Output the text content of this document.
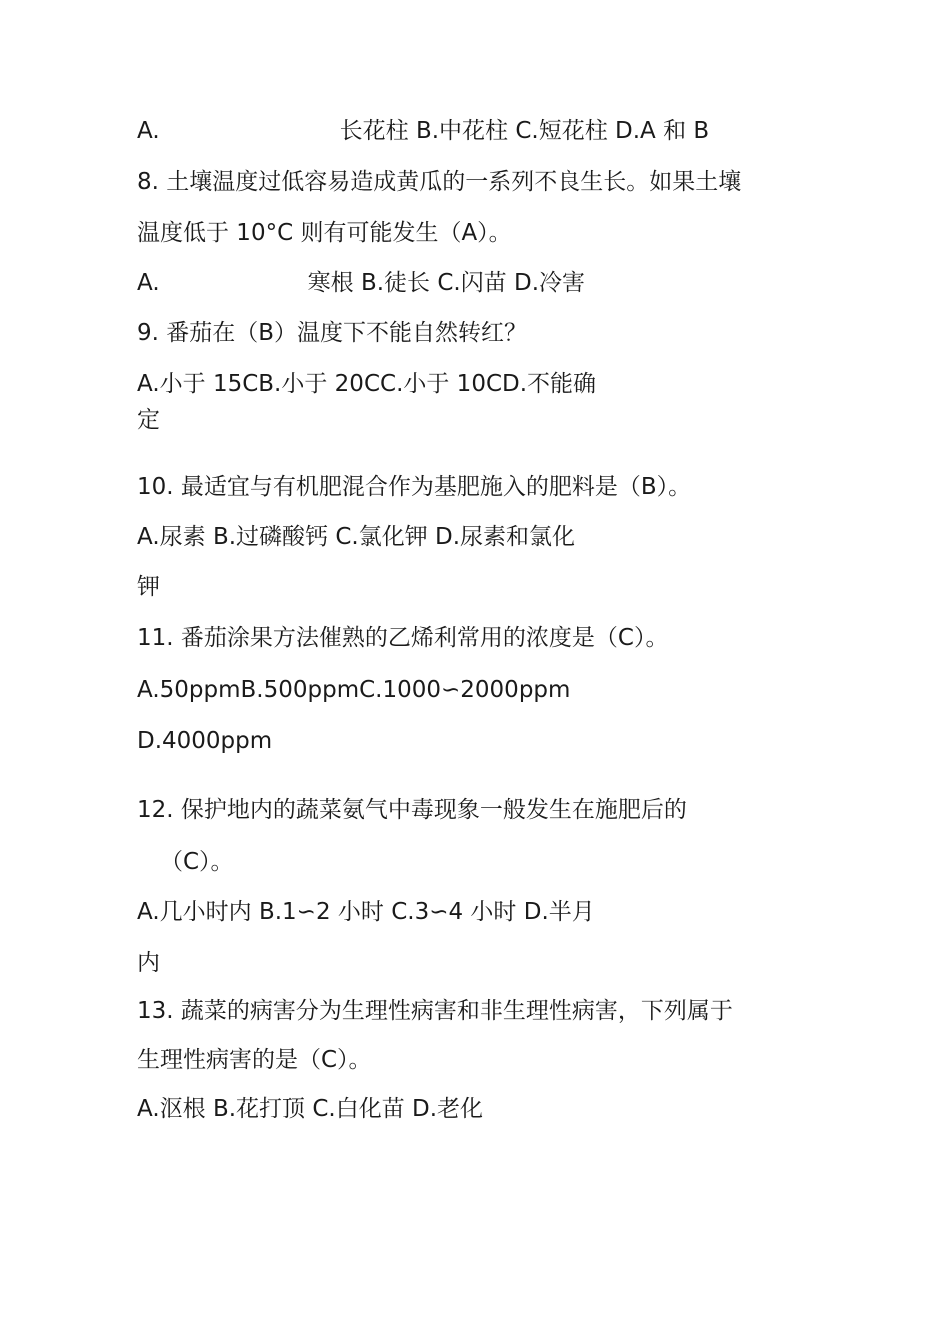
A.	长花柱 B.中花柱 C.短花柱 D.A 和 B

8. 土壤温度过低容易造成黄瓜的一系列不良生长。如果土壤

温度低于 10°C 则有可能发生（A）。

A.	寒根 B.徒长 C.闪苗 D.冷害

9. 番茄在（B）温度下不能自然转红？

A.小于 15CB.小于 20CC.小于 10CD.不能确

定

10. 最适宜与有机肥混合作为基肥施入的肥料是（B）。

A.尿素 B.过磷酸钙 C.氯化钾 D.尿素和氯化

钾

11. 番茄涂果方法催熟的乙烯利常用的浓度是（C）。

A.50ppmB.500ppmC.1000∽2000ppm

D.4000ppm

12. 保护地内的蔬菜氨气中毒现象一般发生在施肥后的

（C）。

A.几小时内 B.1∽2 小时 C.3∽4 小时 D.半月

内

13. 蔬菜的病害分为生理性病害和非生理性病害，下列属于

生理性病害的是（C）。

A.沤根 B.花打顶 C.白化苗 D.老化
